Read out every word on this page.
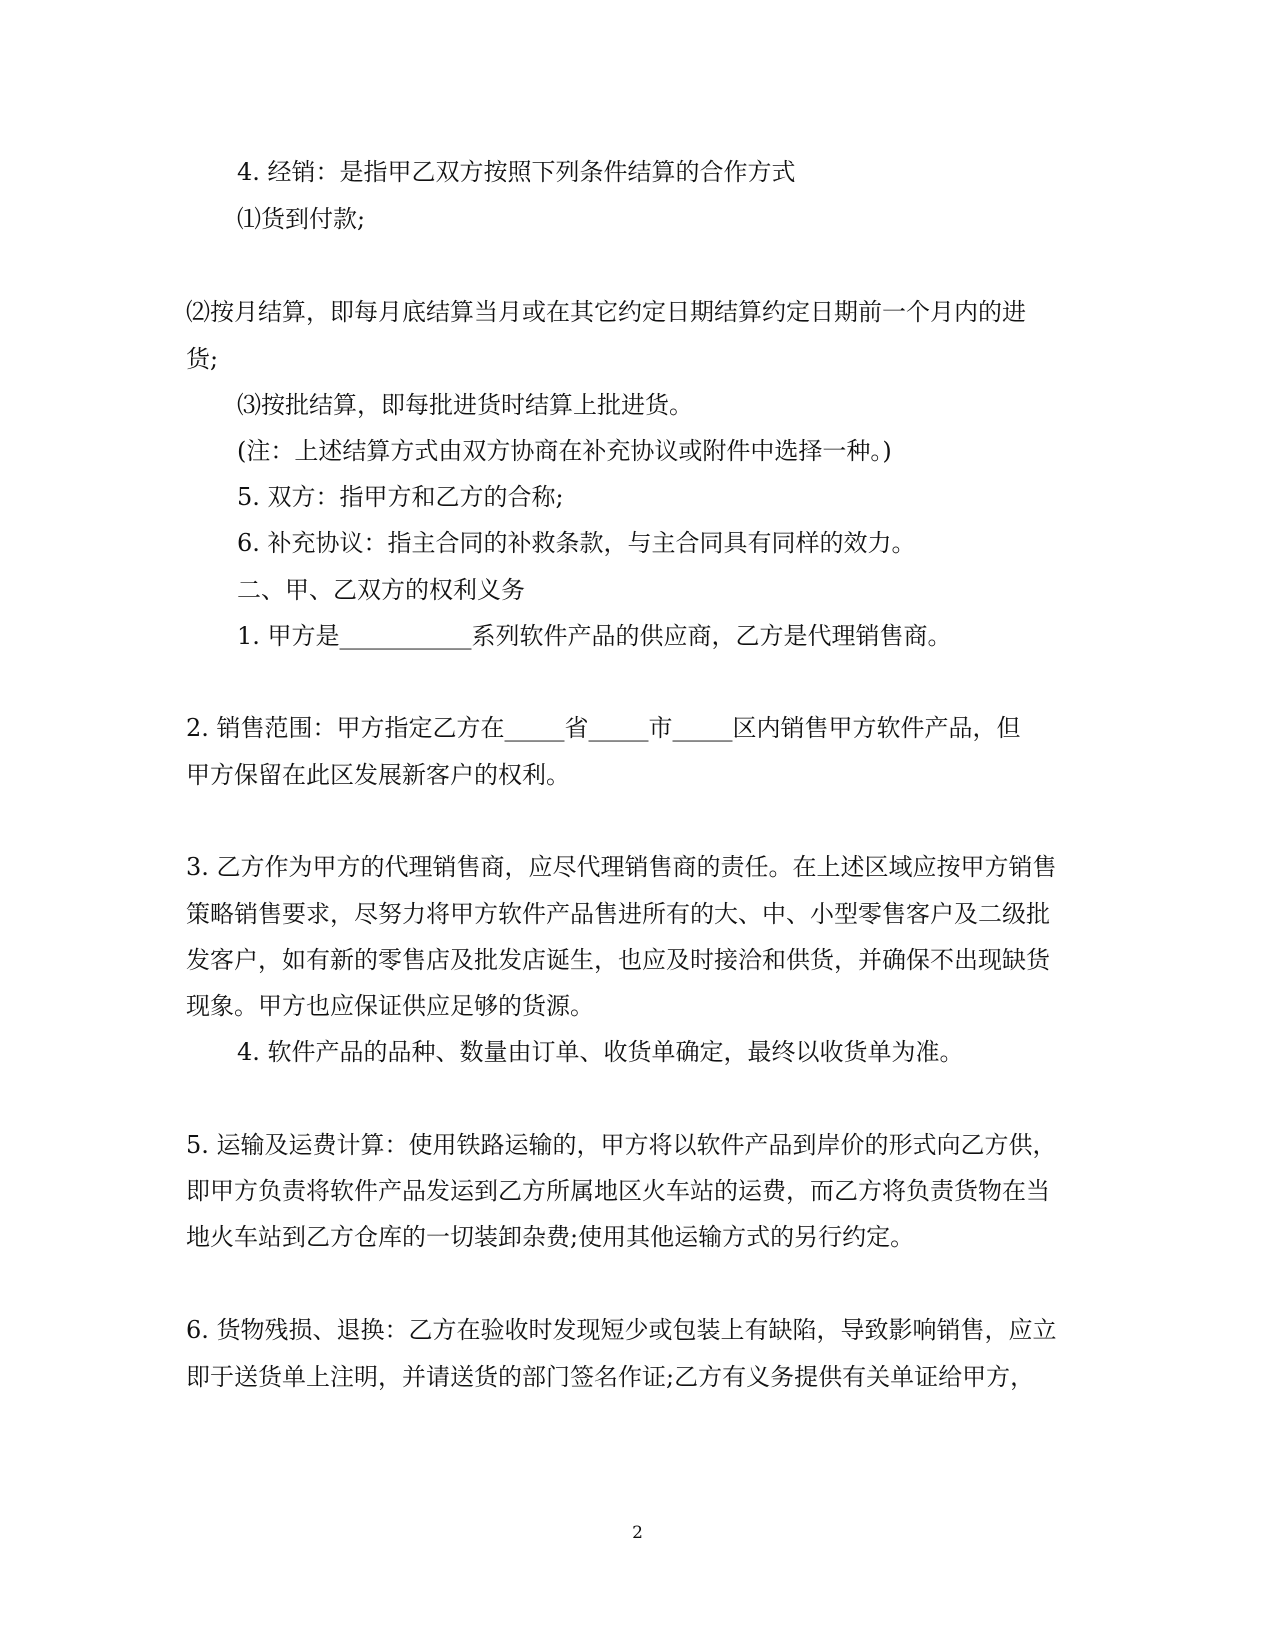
4. 经销：是指甲乙双方按照下列条件结算的合作方式
⑴货到付款;
⑵按月结算，即每月底结算当月或在其它约定日期结算约定日期前一个月内的进
货;
⑶按批结算，即每批进货时结算上批进货。
(注：上述结算方式由双方协商在补充协议或附件中选择一种。)
5. 双方：指甲方和乙方的合称;
6. 补充协议：指主合同的补救条款，与主合同具有同样的效力。
二、甲、乙双方的权利义务
1. 甲方是___________系列软件产品的供应商，乙方是代理销售商。
2. 销售范围：甲方指定乙方在_____省_____市_____区内销售甲方软件产品，但
甲方保留在此区发展新客户的权利。
3. 乙方作为甲方的代理销售商，应尽代理销售商的责任。在上述区域应按甲方销售
策略销售要求，尽努力将甲方软件产品售进所有的大、中、小型零售客户及二级批
发客户，如有新的零售店及批发店诞生，也应及时接洽和供货，并确保不出现缺货
现象。甲方也应保证供应足够的货源。
4. 软件产品的品种、数量由订单、收货单确定，最终以收货单为准。
5. 运输及运费计算：使用铁路运输的，甲方将以软件产品到岸价的形式向乙方供，
即甲方负责将软件产品发运到乙方所属地区火车站的运费，而乙方将负责货物在当
地火车站到乙方仓库的一切装卸杂费;使用其他运输方式的另行约定。
6. 货物残损、退换：乙方在验收时发现短少或包装上有缺陷，导致影响销售，应立
即于送货单上注明，并请送货的部门签名作证;乙方有义务提供有关单证给甲方，
2
